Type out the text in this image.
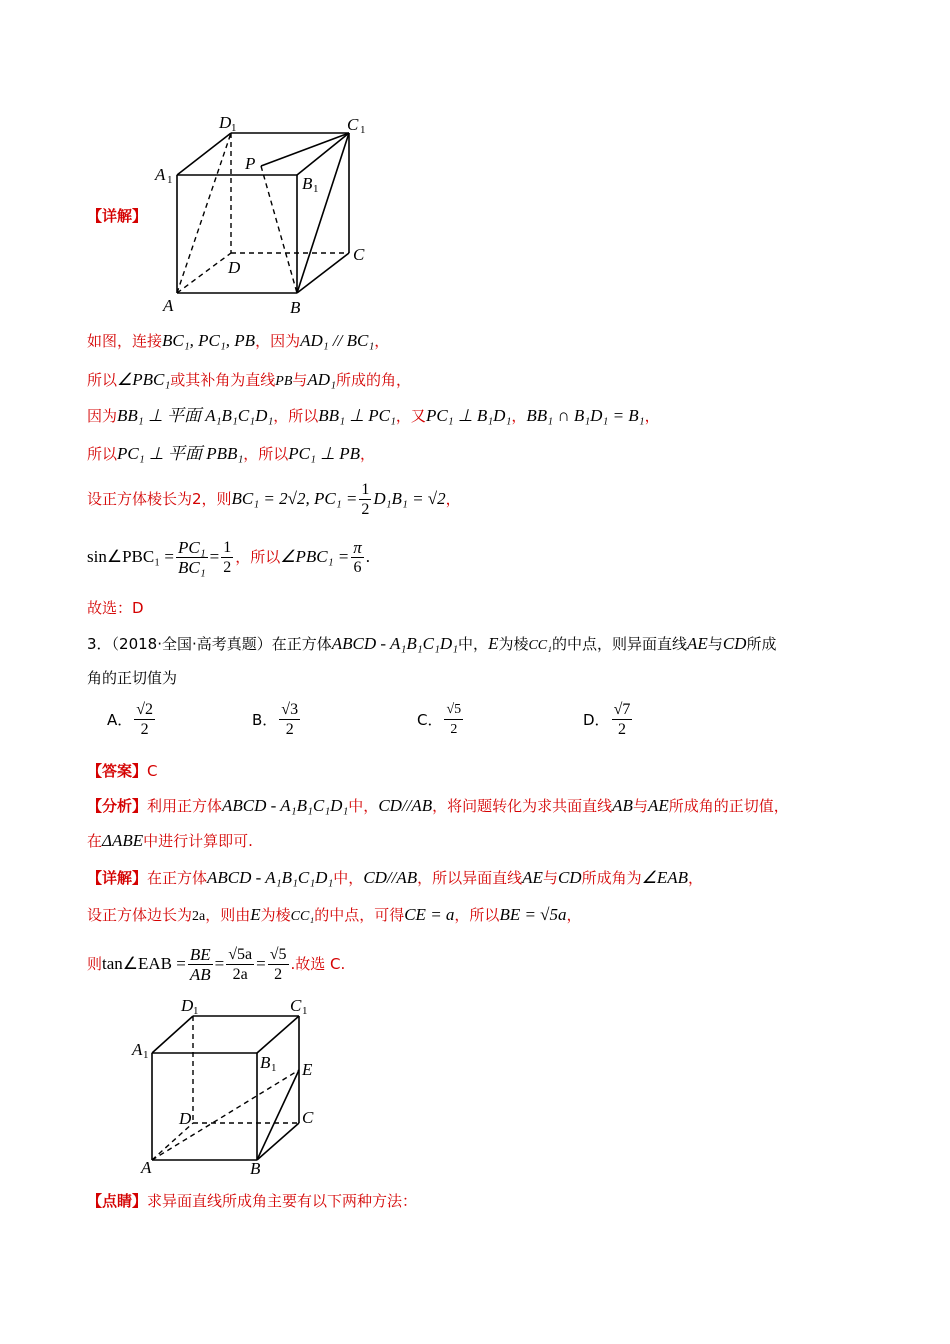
D 1	C 1
A 1	B 1
P
D
C
A	B
【详解】
如图，连接BC₁, PC₁, PB，因为AD₁ // BC₁，
所以∠PBC₁或其补角为直线PB与AD₁所成的角，
因为BB₁ ⊥ 平面 A₁B₁C₁D₁，所以BB₁ ⊥ PC₁，又PC₁ ⊥ B₁D₁，BB₁ ∩ B₁D₁ = B₁，
所以PC₁ ⊥ 平面 PBB₁，所以PC₁ ⊥ PB，
设正方体棱长为2，则BC₁ = 2√2, $PC_1 = \frac{1}{2} D_1B_1 = √2$，
sin∠PBC₁ = $\frac{\text{PC₁}}{\text{BC₁}} = \frac{1}{2}$ ，所以∠PBC₁ = $\frac{\pi}{6}$ .
故选：D
3．（2018·全国·高考真题）在正方体ABCD - A₁B₁C₁D₁中，E为棱CC₁的中点，则异面直线AE与CD所成
角的正切值为
A． $\frac{√2}{2}$	B． $\frac{√3}{2}$	C． $\frac{√5}{2}$	D． $\frac{√7}{2}$
【答案】C
【分析】利用正方体ABCD - A₁B₁C₁D₁中，CD//AB，将问题转化为求共面直线AB与AE所成角的正切值，
在ΔABE中进行计算即可.
【详解】在正方体ABCD - A₁B₁C₁D₁中，CD//AB，所以异面直线AE与CD所成角为∠EAB，
设正方体边长为2a，则由E为棱CC₁的中点，可得CE = a，所以BE = √5a，
则tan∠EAB = $\frac{BE}{AB} = \frac{√5a}{2a} = \frac{√5}{2}$ .故选 C.
D 1	C 1
A 1	B 1 E
D	C
A	B
【点睛】求异面直线所成角主要有以下两种方法：
